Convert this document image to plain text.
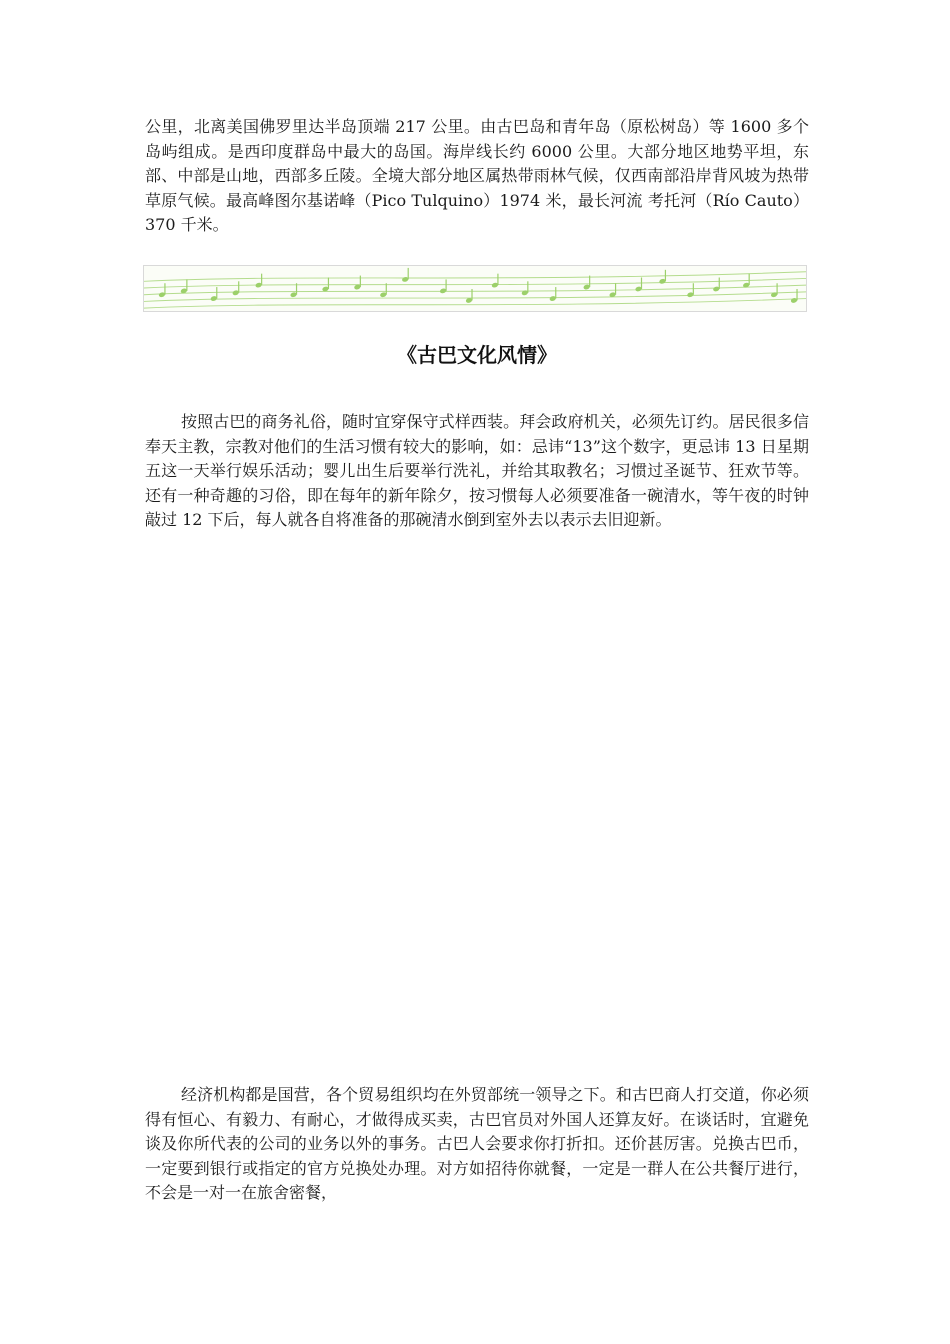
公里，北离美国佛罗里达半岛顶端 217 公里。由古巴岛和青年岛（原松树岛）等 1600 多个岛屿组成。是西印度群岛中最大的岛国。海岸线长约 6000 公里。大部分地区地势平坦，东部、中部是山地，西部多丘陵。全境大部分地区属热带雨林气候，仅西南部沿岸背风坡为热带草原气候。最高峰图尔基诺峰（Pico Tulquino）1974 米，最长河流 考托河（Río Cauto）370 千米。

《古巴文化风情》

按照古巴的商务礼俗，随时宜穿保守式样西装。拜会政府机关，必须先订约。居民很多信奉天主教，宗教对他们的生活习惯有较大的影响，如：忌讳“13”这个数字，更忌讳 13 日星期五这一天举行娱乐活动；婴儿出生后要举行洗礼，并给其取教名；习惯过圣诞节、狂欢节等。还有一种奇趣的习俗，即在每年的新年除夕，按习惯每人必须要准备一碗清水，等午夜的时钟敲过 12 下后，每人就各自将准备的那碗清水倒到室外去以表示去旧迎新。

经济机构都是国营，各个贸易组织均在外贸部统一领导之下。和古巴商人打交道，你必须得有恒心、有毅力、有耐心，才做得成买卖，古巴官员对外国人还算友好。在谈话时，宜避免谈及你所代表的公司的业务以外的事务。古巴人会要求你打折扣。还价甚厉害。兑换古巴币，一定要到银行或指定的官方兑换处办理。对方如招待你就餐，一定是一群人在公共餐厅进行，不会是一对一在旅舍密餐，
